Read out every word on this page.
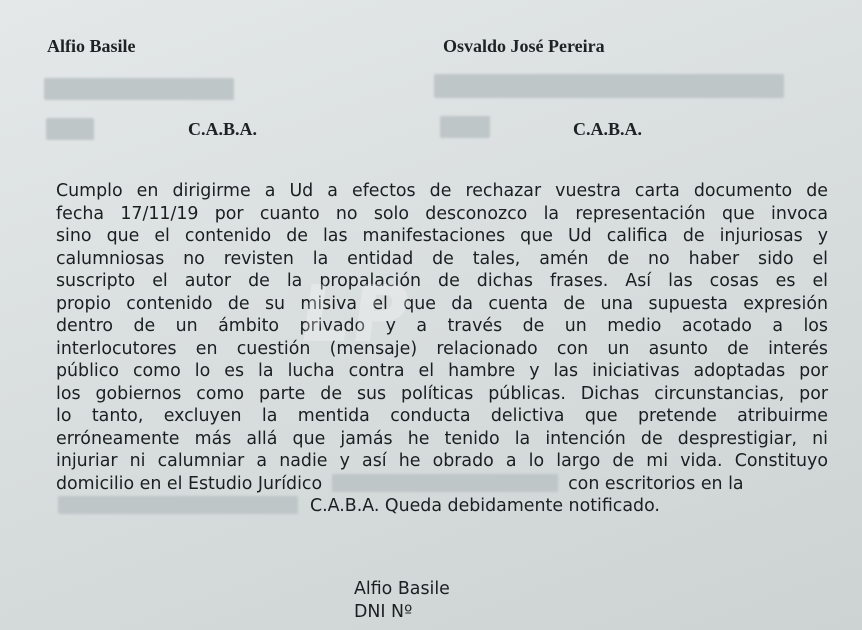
Alfio Basile	Osvaldo José Pereira
C.A.B.A.	C.A.B.A.
Cumplo en dirigirme a Ud a efectos de rechazar vuestra carta documento de
fecha 17/11/19 por cuanto no solo desconozco la representación que invoca
sino que el contenido de las manifestaciones que Ud califica de injuriosas y
calumniosas no revisten la entidad de tales, amén de no haber sido el
suscripto el autor de la propalación de dichas frases. Así las cosas es el
propio contenido de su misiva el que da cuenta de una supuesta expresión
dentro de un ámbito privado y a través de un medio acotado a los
interlocutores en cuestión (mensaje) relacionado con un asunto de interés
público como lo es la lucha contra el hambre y las iniciativas adoptadas por
los gobiernos como parte de sus políticas públicas. Dichas circunstancias, por
lo tanto, excluyen la mentida conducta delictiva que pretende atribuirme
erróneamente más allá que jamás he tenido la intención de desprestigiar, ni
injuriar ni calumniar a nadie y así he obrado a lo largo de mi vida. Constituyo
domicilio en el Estudio Jurídico	con escritorios en la
C.A.B.A. Queda debidamente notificado.
LP
Alfio Basile
DNI Nº
